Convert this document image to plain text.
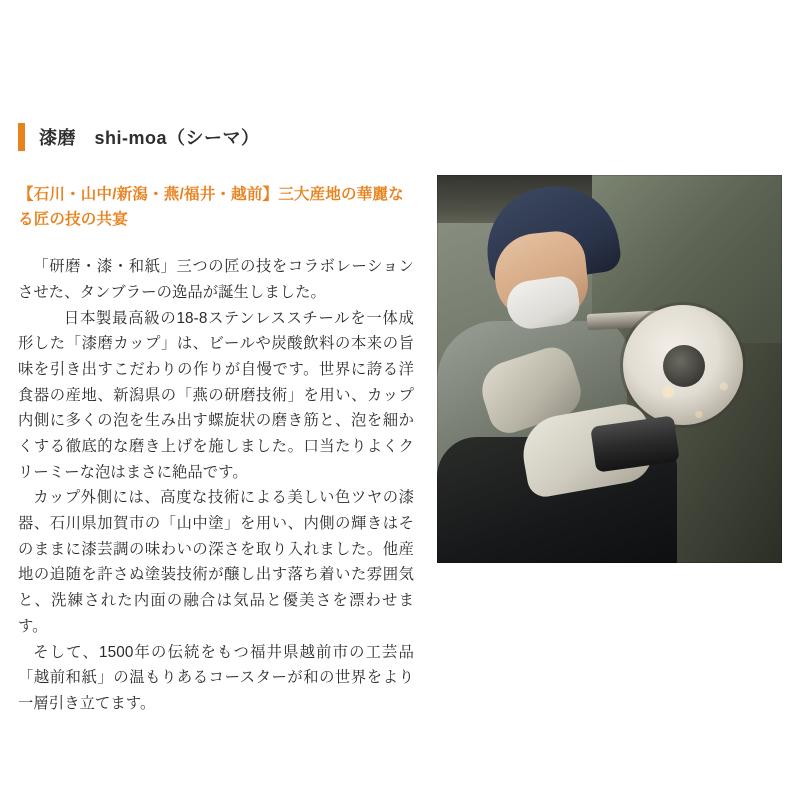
漆磨　shi-moa（シーマ）

【石川・山中/新潟・燕/福井・越前】三大産地の華麗なる匠の技の共宴

「研磨・漆・和紙」三つの匠の技をコラボレーションさせた、タンブラーの逸品が誕生しました。

日本製最高級の18-8ステンレススチールを一体成形した「漆磨カップ」は、ビールや炭酸飲料の本来の旨味を引き出すこだわりの作りが自慢です。世界に誇る洋食器の産地、新潟県の「燕の研磨技術」を用い、カップ内側に多くの泡を生み出す螺旋状の磨き筋と、泡を細かくする徹底的な磨き上げを施しました。口当たりよくクリーミーな泡はまさに絶品です。

カップ外側には、高度な技術による美しい色ツヤの漆器、石川県加賀市の「山中塗」を用い、内側の輝きはそのままに漆芸調の味わいの深さを取り入れました。他産地の追随を許さぬ塗装技術が醸し出す落ち着いた雰囲気と、洗練された内面の融合は気品と優美さを漂わせます。

そして、1500年の伝統をもつ福井県越前市の工芸品「越前和紙」の温もりあるコースターが和の世界をより一層引き立てます。
